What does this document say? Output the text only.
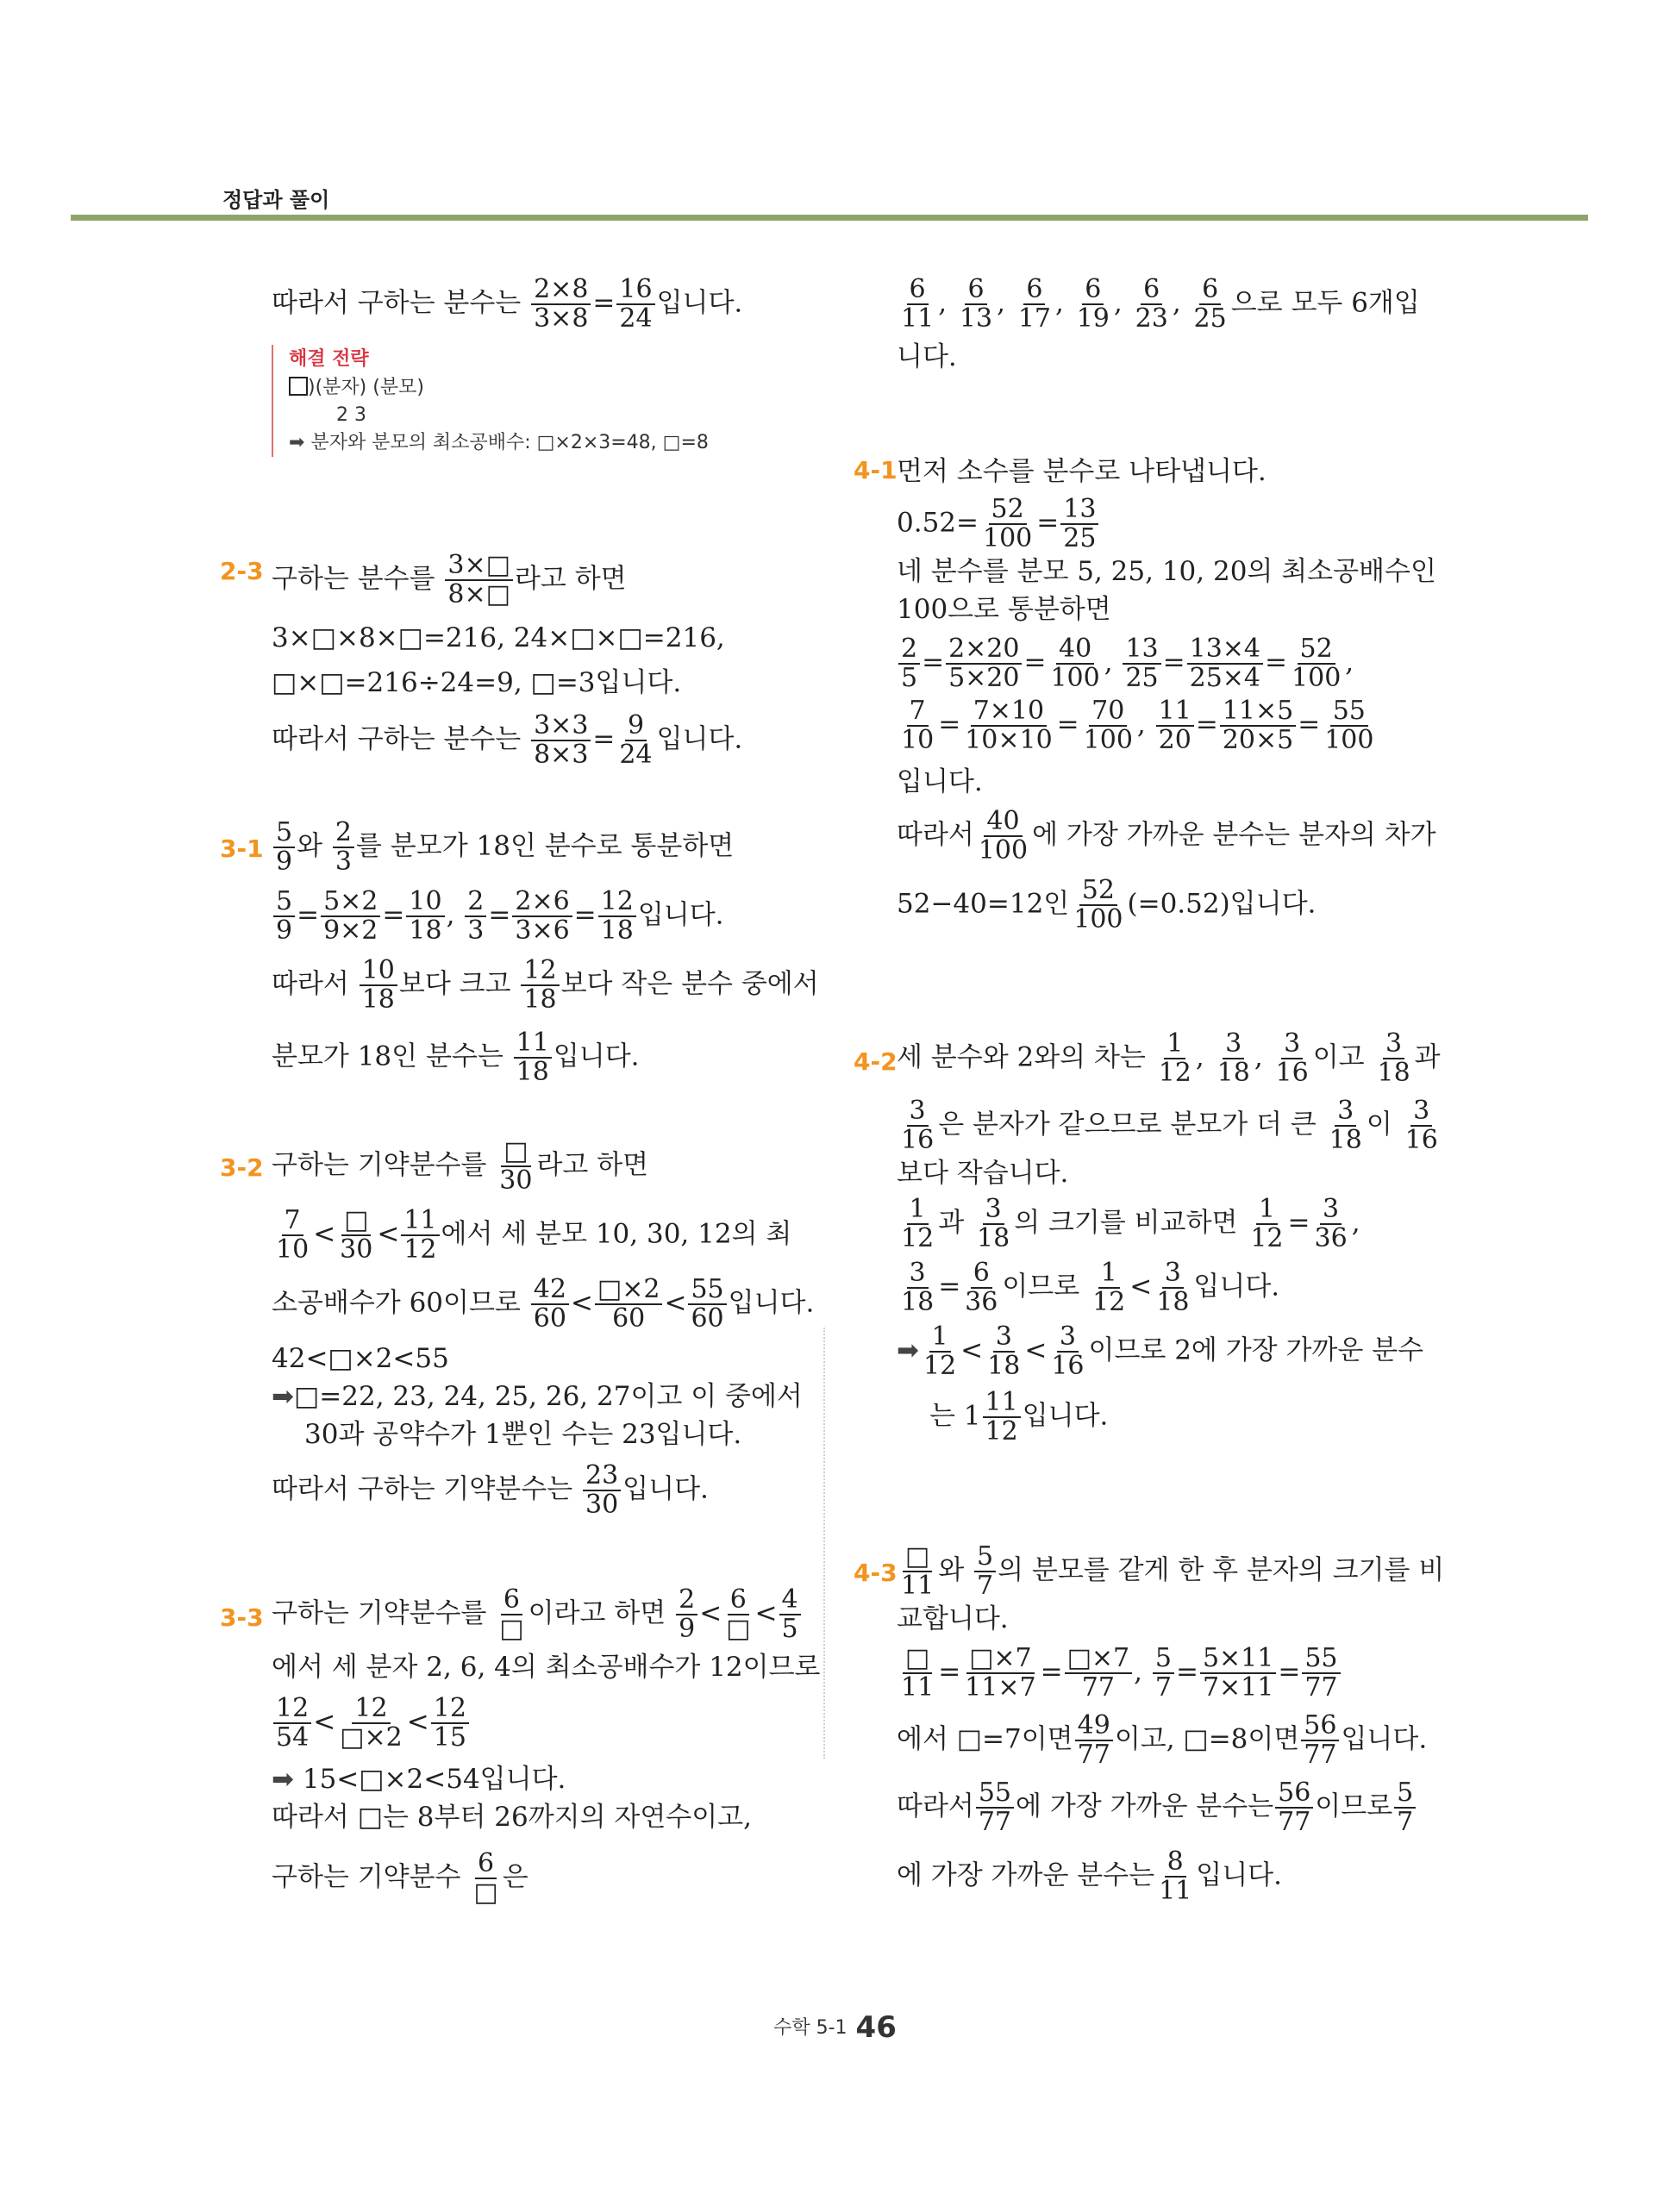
정답과 풀이
따라서 구하는 분수는 $\frac{2\times 8}{3\times 8} = \frac{16}{24}$ 입니다.
해결 전략
)(분자) (분모)
2 3
➡ 분자와 분모의 최소공배수: □×2×3=48, □=8
2-3 구하는 분수를 $\frac{3\times□}{8\times□}$ 라고 하면
3×□×8×□=216, 24×□×□=216,
□×□=216÷24=9, □=3입니다.
따라서 구하는 분수는 $\frac{3\times 3}{8\times 3} = \frac{9}{24}$ 입니다.
$3-1 \frac{5}{9}$ 와 $\frac{2}{3}$ 를 분모가 18인 분수로 통분하면
$\frac{5}{9} = \frac{5\times 2}{9\times 2} = \frac{10}{18}$ , $\frac{2}{3} = \frac{2\times 6}{3\times 6} = \frac{12}{18}$ 입니다.
따라서 $\frac{10}{18}$ 보다 크고 $\frac{12}{18}$ 보다 작은 분수 중에서
분모가 18인 분수는 $\frac{11}{18}$ 입니다.
3-2 구하는 기약분수를 $\frac{□}{30}$ 라고 하면
$\frac{7}{10} < \frac{□}{30} < \frac{11}{12}$ 에서 세 분모 10, 30, 12의 최
소공배수가 60이므로 $\frac{42}{60} < \frac{□\times 2}{60} < \frac{55}{60}$ 입니다.
42<□×2<55
➡□=22, 23, 24, 25, 26, 27이고 이 중에서
30과 공약수가 1뿐인 수는 23입니다.
따라서 구하는 기약분수는 $\frac{23}{30}$ 입니다.
3-3 구하는 기약분수를 $\frac{6}{□}$ 이라고 하면 $\frac{2}{9} < \frac{6}{□} < \frac{4}{5}$
에서 세 분자 2, 6, 4의 최소공배수가 12이므로
$\frac{12}{54} < \frac{12}{□\times 2} < \frac{12}{15}$
➡ 15<□×2<54입니다.
따라서 □는 8부터 26까지의 자연수이고,
구하는 기약분수 $\frac{6}{□}$ 은
$\frac{6}{11}$ , $\frac{6}{13}$ , $\frac{6}{17}$ , $\frac{6}{19}$ , $\frac{6}{23}$ , $\frac{6}{25}$ 으로 모두 6개입
니다.
4-1 먼저 소수를 분수로 나타냅니다.
$0.52= \frac{52}{100} = \frac{13}{25}$
네 분수를 분모 5, 25, 10, 20의 최소공배수인
100으로 통분하면
$\frac{2}{5} = \frac{2\times 20}{5\times 20} = \frac{40}{100}$ , $\frac{13}{25} = \frac{13\times 4}{25\times 4} = \frac{52}{100}$ ,
$\frac{7}{10} = \frac{7\times 10}{10\times 10} = \frac{70}{100}$ , $\frac{11}{20} = \frac{11\times 5}{20\times 5} = \frac{55}{100}$
입니다.
따라서 $\frac{40}{100}$ 에 가장 가까운 분수는 분자의 차가
52−40=12인 $\frac{52}{100} (=0.52)$입니다.
4-2 세 분수와 2와의 차는 $\frac{1}{12}$ , $\frac{3}{18}$ , $\frac{3}{16}$ 이고 $\frac{3}{18}$ 과
$\frac{3}{16}$ 은 분자가 같으므로 분모가 더 큰 $\frac{3}{18}$ 이 $\frac{3}{16}$
보다 작습니다.
$\frac{1}{12}$ 과 $\frac{3}{18}$ 의 크기를 비교하면 $\frac{1}{12} = \frac{3}{36}$ ,
$\frac{3}{18} = \frac{6}{36}$ 이므로 $\frac{1}{12} < \frac{3}{18}$ 입니다.
➡ $\frac{1}{12} < \frac{3}{18} < \frac{3}{16}$ 이므로 2에 가장 가까운 분수
는 $1 \frac{11}{12}$ 입니다.
$4-3 \frac{□}{11}$ 와 $\frac{5}{7}$ 의 분모를 같게 한 후 분자의 크기를 비
교합니다.
$\frac{□}{11} = \frac{□\times 7}{11\times 7} = \frac{□\times 7}{77}$ , $\frac{5}{7} = \frac{5\times 11}{7\times 11} = \frac{55}{77}$
에서 □=7이면 $\frac{49}{77}$ 이고, □=8이면 $\frac{56}{77}$ 입니다.
따라서 $\frac{55}{77}$ 에 가장 가까운 분수는 $\frac{56}{77}$ 이므로 $\frac{5}{7}$
에 가장 가까운 분수는 $\frac{8}{11}$ 입니다.
수학 5-1 46
